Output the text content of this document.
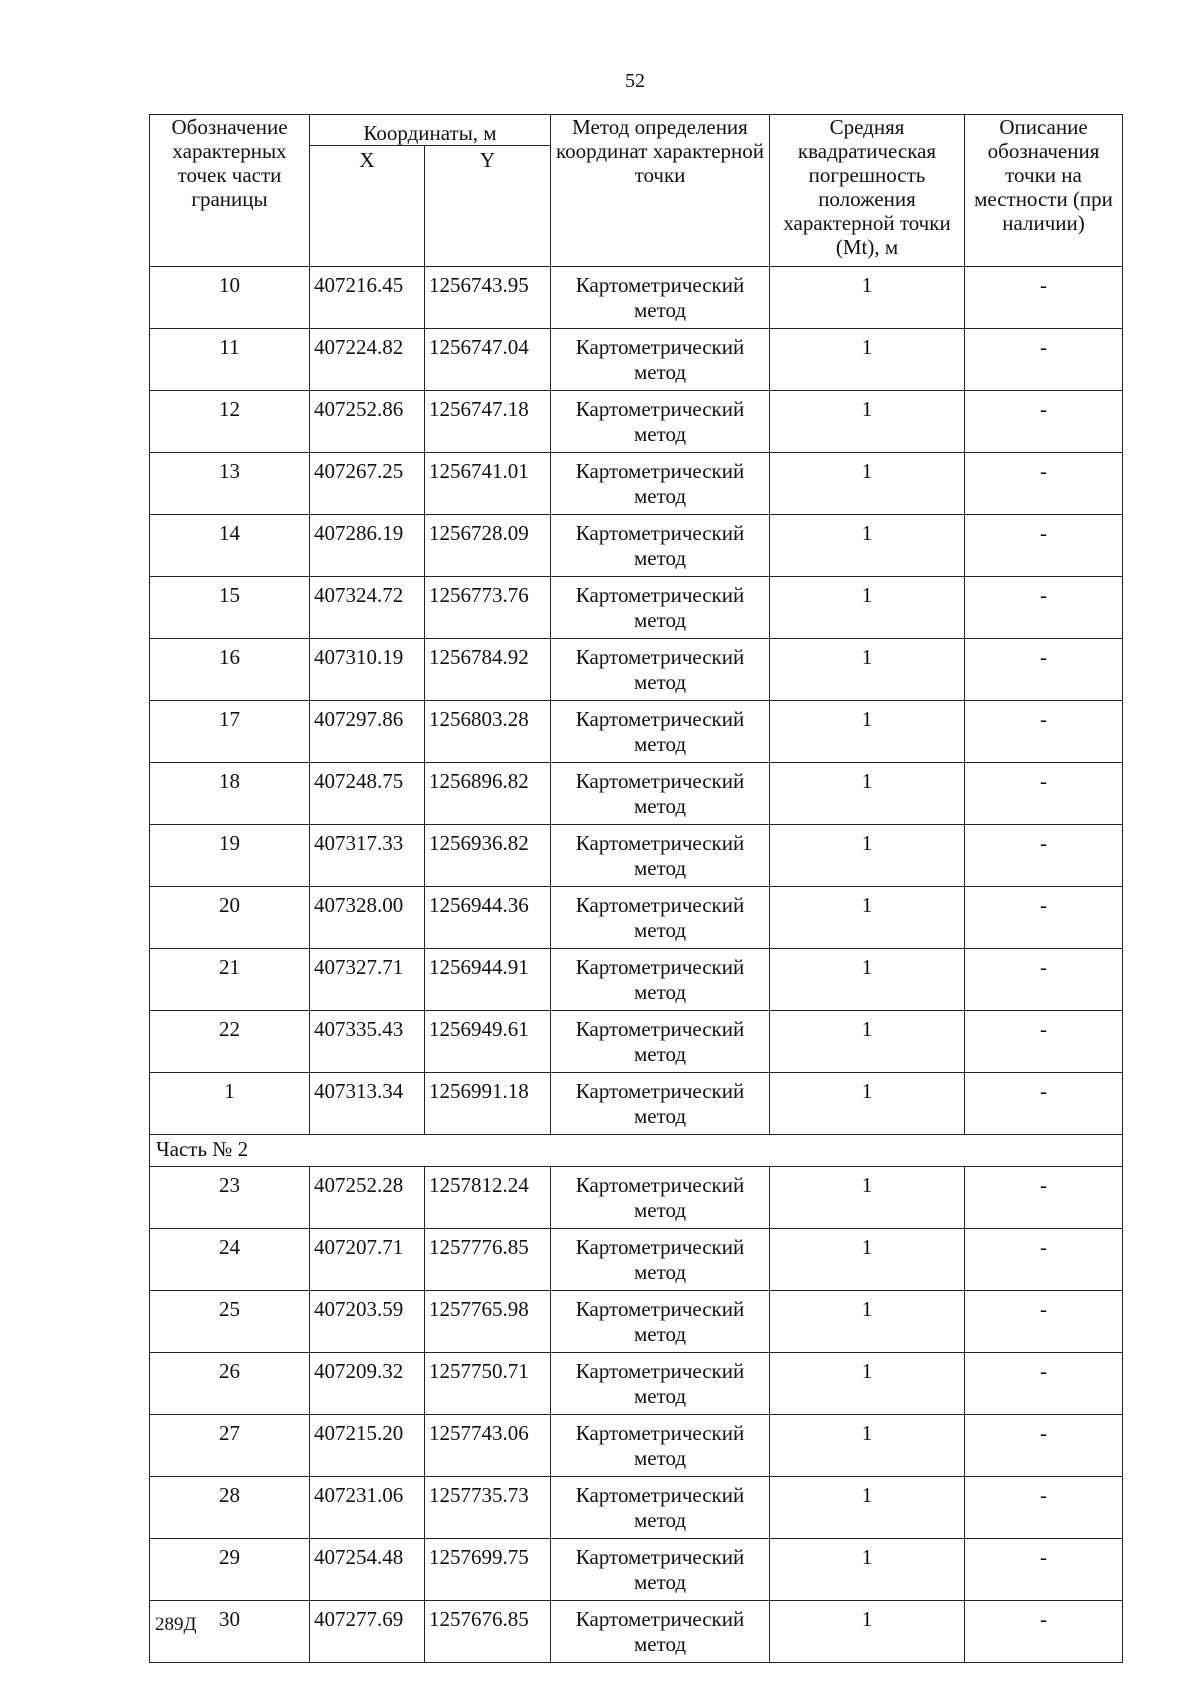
52
Обозначение характерных точек части границы	Координаты, м		Метод определения координат характерной точки	Средняя квадратическая погрешность положения характерной точки (Mt), м	Описание обозначения точки на местности (при наличии)
	X	Y			
10	407216.45	1256743.95	Картометрический метод	1	-
11	407224.82	1256747.04	Картометрический метод	1	-
12	407252.86	1256747.18	Картометрический метод	1	-
13	407267.25	1256741.01	Картометрический метод	1	-
14	407286.19	1256728.09	Картометрический метод	1	-
15	407324.72	1256773.76	Картометрический метод	1	-
16	407310.19	1256784.92	Картометрический метод	1	-
17	407297.86	1256803.28	Картометрический метод	1	-
18	407248.75	1256896.82	Картометрический метод	1	-
19	407317.33	1256936.82	Картометрический метод	1	-
20	407328.00	1256944.36	Картометрический метод	1	-
21	407327.71	1256944.91	Картометрический метод	1	-
22	407335.43	1256949.61	Картометрический метод	1	-
1	407313.34	1256991.18	Картометрический метод	1	-
Часть № 2					
23	407252.28	1257812.24	Картометрический метод	1	-
24	407207.71	1257776.85	Картометрический метод	1	-
25	407203.59	1257765.98	Картометрический метод	1	-
26	407209.32	1257750.71	Картометрический метод	1	-
27	407215.20	1257743.06	Картометрический метод	1	-
28	407231.06	1257735.73	Картометрический метод	1	-
29	407254.48	1257699.75	Картометрический метод	1	-
30	407277.69	1257676.85	Картометрический метод	1	-
289Д
